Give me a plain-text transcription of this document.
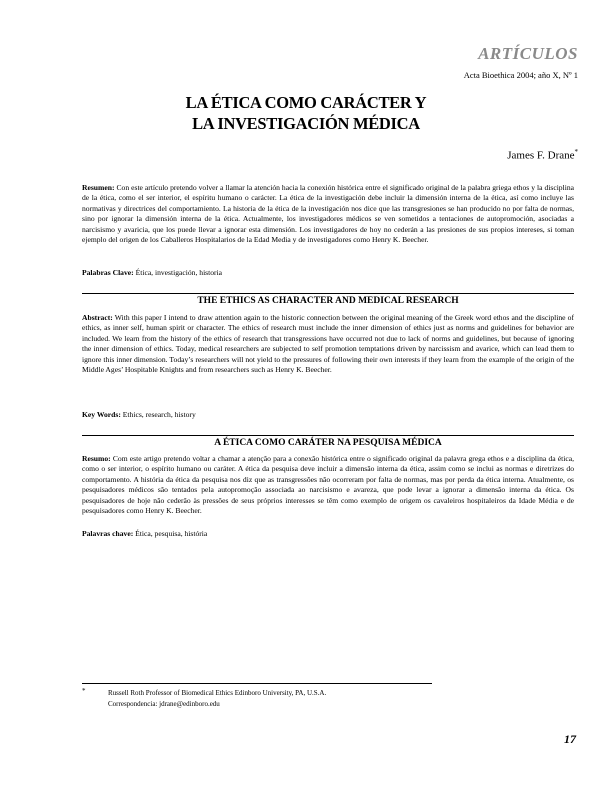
ARTÍCULOS
Acta Bioethica 2004; año X, Nº 1
LA ÉTICA COMO CARÁCTER Y
LA INVESTIGACIÓN MÉDICA
James F. Drane*
Resumen: Con este artículo pretendo volver a llamar la atención hacia la conexión histórica entre el significado original de la palabra griega ethos y la disciplina de la ética, como el ser interior, el espíritu humano o carácter. La ética de la investigación debe incluir la dimensión interna de la ética, así como incluye las normativas y directrices del comportamiento. La historia de la ética de la investigación nos dice que las transgresiones se han producido no por falta de normas, sino por ignorar la dimensión interna de la ética. Actualmente, los investigadores médicos se ven sometidos a tentaciones de autopromoción, asociadas a narcisismo y avaricia, que los puede llevar a ignorar esta dimensión. Los investigadores de hoy no cederán a las presiones de sus propios intereses, si toman ejemplo del origen de los Caballeros Hospitalarios de la Edad Media y de investigadores como Henry K. Beecher.
Palabras Clave: Ética, investigación, historia
THE ETHICS AS CHARACTER AND MEDICAL RESEARCH
Abstract: With this paper I intend to draw attention again to the historic connection between the original meaning of the Greek word ethos and the discipline of ethics, as inner self, human spirit or character. The ethics of research must include the inner dimension of ethics just as norms and guidelines for behavior are included. We learn from the history of the ethics of research that transgressions have occurred not due to lack of norms and guidelines, but because of ignoring the inner dimension of ethics. Today, medical researchers are subjected to self promotion temptations driven by narcissism and avarice, which can lead them to ignore this inner dimension. Today’s researchers will not yield to the pressures of following their own interests if they learn from the example of the origin of the Middle Ages’ Hospitable Knights and from researchers such as Henry K. Beecher.
Key Words: Ethics, research, history
A ÉTICA COMO CARÁTER NA PESQUISA MÉDICA
Resumo: Com este artigo pretendo voltar a chamar a atenção para a conexão histórica entre o significado original da palavra grega ethos e a disciplina da ética, como o ser interior, o espírito humano ou caráter. A ética da pesquisa deve incluir a dimensão interna da ética, assim como se inclui as normas e diretrizes do comportamento. A história da ética da pesquisa nos diz que as transgressões não ocorreram por falta de normas, mas por perda da ética interna. Atualmente, os pesquisadores médicos são tentados pela autopromoção associada ao narcisismo e avareza, que pode levar a ignorar a dimensão interna da ética. Os pesquisadores de hoje não cederão às pressões de seus próprios interesses se têm como exemplo de origem os cavaleiros hospitaleiros da Idade Média e de pesquisadores como Henry K. Beecher.
Palavras chave: Ética, pesquisa, história
*	Russell Roth Professor of Biomedical Ethics Edinboro University, PA, U.S.A.
Correspondencia: jdrane@edinboro.edu
17
